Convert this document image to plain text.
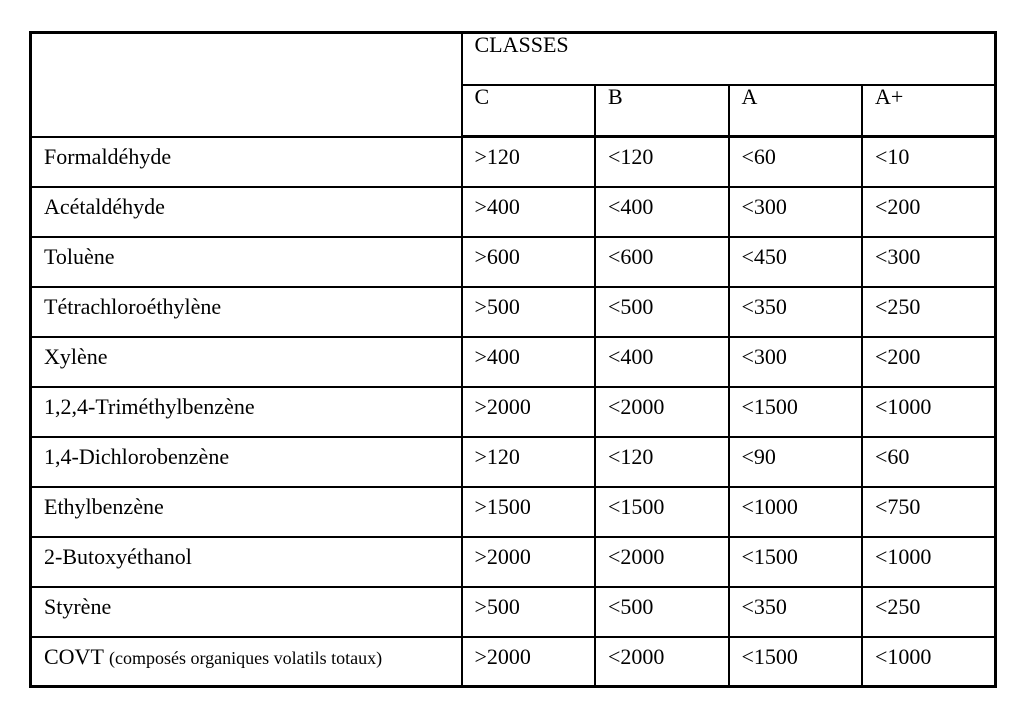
	CLASSES			
	C	B	A	A+
Formaldéhyde	>120	<120	<60	<10
Acétaldéhyde	>400	<400	<300	<200
Toluène	>600	<600	<450	<300
Tétrachloroéthylène	>500	<500	<350	<250
Xylène	>400	<400	<300	<200
1,2,4-Triméthylbenzène	>2000	<2000	<1500	<1000
1,4-Dichlorobenzène	>120	<120	<90	<60
Ethylbenzène	>1500	<1500	<1000	<750
2-Butoxyéthanol	>2000	<2000	<1500	<1000
Styrène	>500	<500	<350	<250
COVT (composés organiques volatils totaux)	>2000	<2000	<1500	<1000
